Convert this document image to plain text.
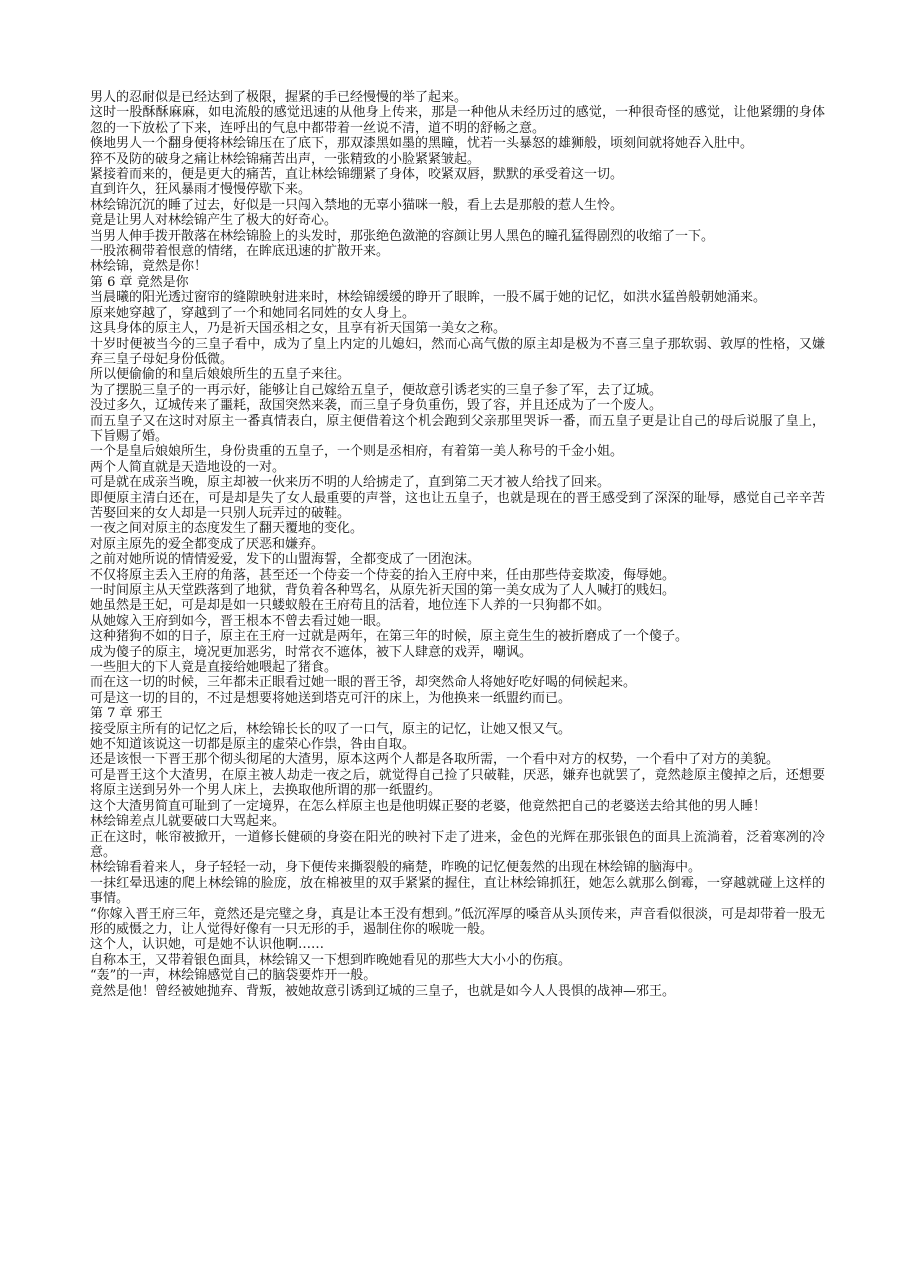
男人的忍耐似是已经达到了极限，握紧的手已经慢慢的举了起来。

这时一股酥酥麻麻，如电流般的感觉迅速的从他身上传来，那是一种他从未经历过的感觉，一种很奇怪的感觉，让他紧绷的身体忽的一下放松了下来，连呼出的气息中都带着一丝说不清，道不明的舒畅之意。

倏地男人一个翻身便将林绘锦压在了底下，那双漆黑如墨的黑瞳，忧若一头暴怒的雄狮般，顷刻间就将她吞入肚中。

猝不及防的破身之痛让林绘锦痛苦出声，一张精致的小脸紧紧皱起。

紧接着而来的，便是更大的痛苦，直让林绘锦绷紧了身体，咬紧双唇，默默的承受着这一切。

直到许久，狂风暴雨才慢慢停歇下来。

林绘锦沉沉的睡了过去，好似是一只闯入禁地的无辜小猫咪一般，看上去是那般的惹人生怜。

竟是让男人对林绘锦产生了极大的好奇心。

当男人伸手拨开散落在林绘锦脸上的头发时，那张绝色潋滟的容颜让男人黑色的瞳孔猛得剧烈的收缩了一下。

一股浓稠带着恨意的情绪，在眸底迅速的扩散开来。

林绘锦，竟然是你！

第 6 章 竟然是你

当晨曦的阳光透过窗帘的缝隙映射进来时，林绘锦缓缓的睁开了眼眸，一股不属于她的记忆，如洪水猛兽般朝她涌来。

原来她穿越了，穿越到了一个和她同名同姓的女人身上。

这具身体的原主人，乃是祈天国丞相之女，且享有祈天国第一美女之称。

十岁时便被当今的三皇子看中，成为了皇上内定的儿媳妇，然而心高气傲的原主却是极为不喜三皇子那软弱、敦厚的性格，又嫌弃三皇子母妃身份低微。

所以便偷偷的和皇后娘娘所生的五皇子来往。

为了摆脱三皇子的一再示好，能够让自己嫁给五皇子，便故意引诱老实的三皇子参了军，去了辽城。

没过多久，辽城传来了噩耗，敌国突然来袭，而三皇子身负重伤，毁了容，并且还成为了一个废人。

而五皇子又在这时对原主一番真情表白，原主便借着这个机会跑到父亲那里哭诉一番，而五皇子更是让自己的母后说服了皇上，下旨赐了婚。

一个是皇后娘娘所生，身份贵重的五皇子，一个则是丞相府，有着第一美人称号的千金小姐。

两个人简直就是天造地设的一对。

可是就在成亲当晚，原主却被一伙来历不明的人给掳走了，直到第二天才被人给找了回来。

即便原主清白还在，可是却是失了女人最重要的声誉，这也让五皇子，也就是现在的晋王感受到了深深的耻辱，感觉自己辛辛苦苦娶回来的女人却是一只别人玩弄过的破鞋。

一夜之间对原主的态度发生了翻天覆地的变化。

对原主原先的爱全都变成了厌恶和嫌弃。

之前对她所说的情情爱爱，发下的山盟海誓，全都变成了一团泡沫。

不仅将原主丢入王府的角落，甚至还一个侍妾一个侍妾的抬入王府中来，任由那些侍妾欺凌，侮辱她。

一时间原主从天堂跌落到了地狱，背负着各种骂名，从原先祈天国的第一美女成为了人人喊打的贱妇。

她虽然是王妃，可是却是如一只蝼蚁般在王府苟且的活着，地位连下人养的一只狗都不如。

从她嫁入王府到如今，晋王根本不曾去看过她一眼。

这种猪狗不如的日子，原主在王府一过就是两年，在第三年的时候，原主竟生生的被折磨成了一个傻子。

成为傻子的原主，境况更加恶劣，时常衣不遮体，被下人肆意的戏弄，嘲讽。

一些胆大的下人竟是直接给她喂起了猪食。

而在这一切的时候，三年都未正眼看过她一眼的晋王爷，却突然命人将她好吃好喝的伺候起来。

可是这一切的目的，不过是想要将她送到塔克可汗的床上，为他换来一纸盟约而已。

第 7 章 邪王

接受原主所有的记忆之后，林绘锦长长的叹了一口气，原主的记忆，让她又恨又气。

她不知道该说这一切都是原主的虚荣心作祟，咎由自取。

还是该恨一下晋王那个彻头彻尾的大渣男，原本这两个人都是各取所需，一个看中对方的权势，一个看中了对方的美貌。

可是晋王这个大渣男，在原主被人劫走一夜之后，就觉得自己捡了只破鞋，厌恶，嫌弃也就罢了，竟然趁原主傻掉之后，还想要将原主送到另外一个男人床上，去换取他所谓的那一纸盟约。

这个大渣男简直可耻到了一定境界，在怎么样原主也是他明媒正娶的老婆，他竟然把自己的老婆送去给其他的男人睡！

林绘锦差点儿就要破口大骂起来。

正在这时，帐帘被掀开，一道修长健硕的身姿在阳光的映衬下走了进来，金色的光辉在那张银色的面具上流淌着，泛着寒冽的冷意。

林绘锦看着来人，身子轻轻一动，身下便传来撕裂般的痛楚，昨晚的记忆便轰然的出现在林绘锦的脑海中。

一抹红晕迅速的爬上林绘锦的脸庞，放在棉被里的双手紧紧的握住，直让林绘锦抓狂，她怎么就那么倒霉，一穿越就碰上这样的事情。

“你嫁入晋王府三年，竟然还是完璧之身，真是让本王没有想到。”低沉浑厚的嗓音从头顶传来，声音看似很淡，可是却带着一股无形的威慑之力，让人觉得好像有一只无形的手，遏制住你的喉咙一般。

这个人，认识她，可是她不认识他啊……

自称本王，又带着银色面具，林绘锦又一下想到昨晚她看见的那些大大小小的伤痕。

“轰”的一声，林绘锦感觉自己的脑袋要炸开一般。

竟然是他！曾经被她抛弃、背叛，被她故意引诱到辽城的三皇子，也就是如今人人畏惧的战神—邪王。
